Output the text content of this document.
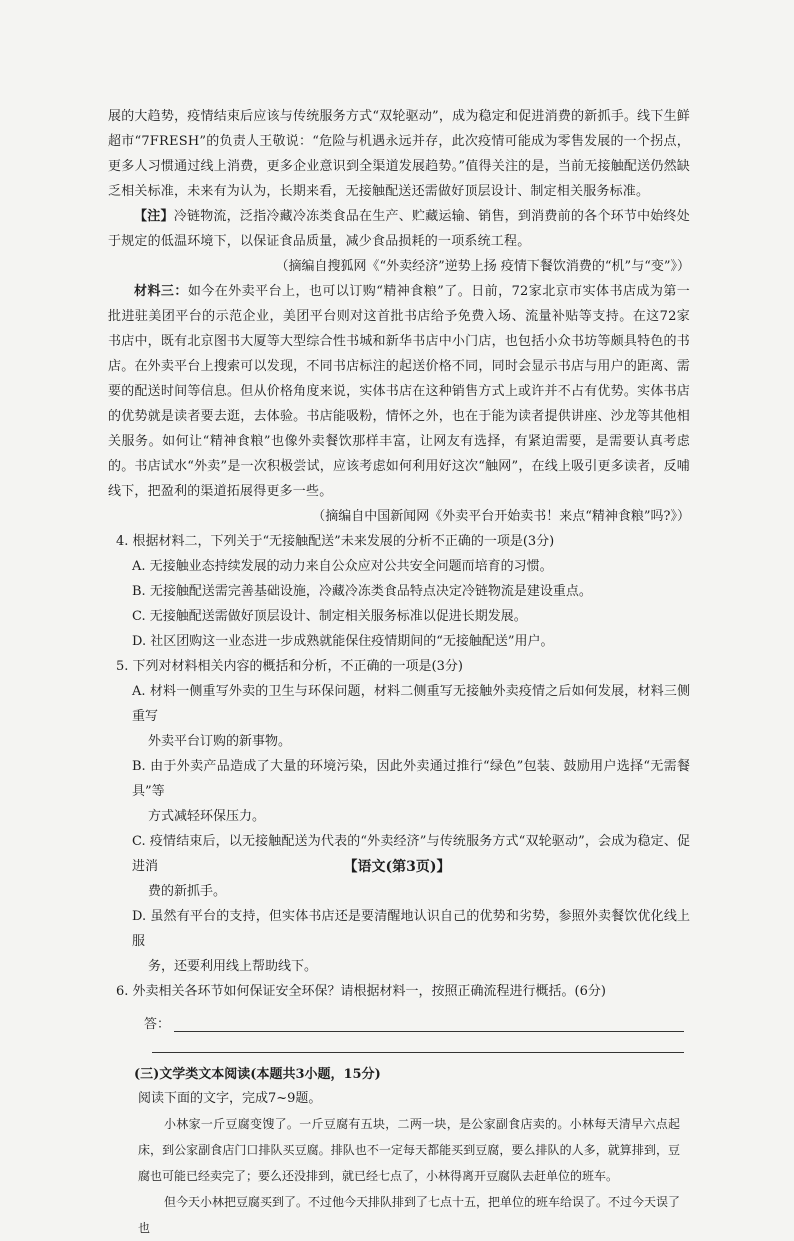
展的大趋势，疫情结束后应该与传统服务方式“双轮驱动”，成为稳定和促进消费的新抓手。线下生鲜超市“7FRESH”的负责人王敬说：“危险与机遇永远并存，此次疫情可能成为零售发展的一个拐点，更多人习惯通过线上消费，更多企业意识到全渠道发展趋势。”值得关注的是，当前无接触配送仍然缺乏相关标准，未来有为认为，长期来看，无接触配送还需做好顶层设计、制定相关服务标准。

【注】冷链物流，泛指冷藏冷冻类食品在生产、贮藏运输、销售，到消费前的各个环节中始终处于规定的低温环境下，以保证食品质量，减少食品损耗的一项系统工程。

（摘编自搜狐网《“外卖经济”逆势上扬 疫情下餐饮消费的“机”与“变”》）

材料三：如今在外卖平台上，也可以订购“精神食粮”了。日前，72家北京市实体书店成为第一批进驻美团平台的示范企业，美团平台则对这首批书店给予免费入场、流量补贴等支持。在这72家书店中，既有北京图书大厦等大型综合性书城和新华书店中小门店，也包括小众书坊等颇具特色的书店。在外卖平台上搜索可以发现，不同书店标注的起送价格不同，同时会显示书店与用户的距离、需要的配送时间等信息。但从价格角度来说，实体书店在这种销售方式上或许并不占有优势。实体书店的优势就是读者要去逛，去体验。书店能吸粉，情怀之外，也在于能为读者提供讲座、沙龙等其他相关服务。如何让“精神食粮”也像外卖餐饮那样丰富，让网友有选择，有紧迫需要，是需要认真考虑的。书店试水“外卖”是一次积极尝试，应该考虑如何利用好这次“触网”，在线上吸引更多读者，反哺线下，把盈利的渠道拓展得更多一些。

（摘编自中国新闻网《外卖平台开始卖书！来点“精神食粮”吗?》）

4. 根据材料二，下列关于“无接触配送”未来发展的分析不正确的一项是(3分)

A. 无接触业态持续发展的动力来自公众应对公共安全问题而培育的习惯。

B. 无接触配送需完善基础设施，冷藏冷冻类食品特点决定冷链物流是建设重点。

C. 无接触配送需做好顶层设计、制定相关服务标准以促进长期发展。

D. 社区团购这一业态进一步成熟就能保住疫情期间的“无接触配送”用户。

5. 下列对材料相关内容的概括和分析，不正确的一项是(3分)

A. 材料一侧重写外卖的卫生与环保问题，材料二侧重写无接触外卖疫情之后如何发展，材料三侧重写

外卖平台订购的新事物。

B. 由于外卖产品造成了大量的环境污染，因此外卖通过推行“绿色”包装、鼓励用户选择“无需餐具”等

方式减轻环保压力。

C. 疫情结束后，以无接触配送为代表的“外卖经济”与传统服务方式“双轮驱动”，会成为稳定、促进消

费的新抓手。

D. 虽然有平台的支持，但实体书店还是要清醒地认识自己的优势和劣势，参照外卖餐饮优化线上服

务，还要利用线上帮助线下。

6. 外卖相关各环节如何保证安全环保？请根据材料一，按照正确流程进行概括。(6分)

答：

(三)文学类文本阅读(本题共3小题，15分)

阅读下面的文字，完成7~9题。

小林家一斤豆腐变馊了。一斤豆腐有五块，二两一块，是公家副食店卖的。小林每天清早六点起床，到公家副食店门口排队买豆腐。排队也不一定每天都能买到豆腐，要么排队的人多，就算排到，豆腐也可能已经卖完了；要么还没排到，就已经七点了，小林得离开豆腐队去赶单位的班车。

但今天小林把豆腐买到了。不过他今天排队排到了七点十五，把单位的班车给误了。不过今天误了也

【语文(第3页)】
